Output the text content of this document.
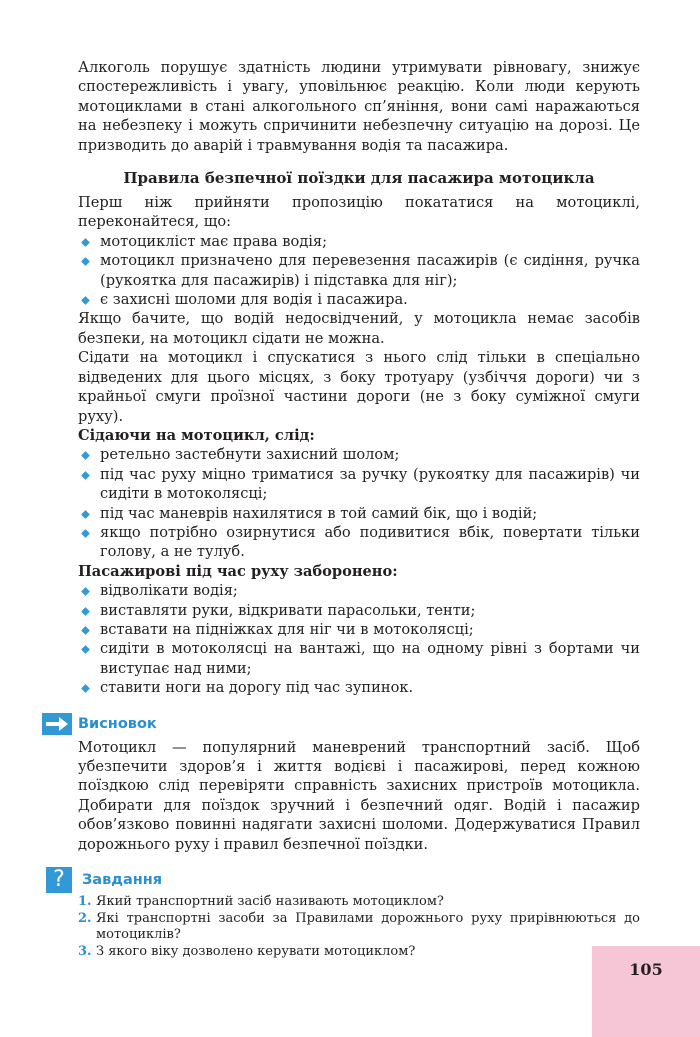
Алкоголь порушує здатність людини утримувати рівновагу, знижує спостережливість і увагу, уповільнює реакцію. Коли люди керують мотоциклами в стані алкогольного сп’яніння, вони самі наражаються на небезпеку і можуть спричинити небезпечну ситуацію на дорозі. Це призводить до аварій і травмування водія та пасажира.

Правила безпечної поїздки для пасажира мотоцикла

Перш ніж прийняти пропозицію покататися на мотоциклі, переконайтеся, що:

мотоцикліст має права водія;
мотоцикл призначено для перевезення пасажирів (є сидіння, ручка (рукоятка для пасажирів) і підставка для ніг);
є захисні шоломи для водія і пасажира.

Якщо бачите, що водій недосвідчений, у мотоцикла немає засобів безпеки, на мотоцикл сідати не можна.

Сідати на мотоцикл і спускатися з нього слід тільки в спеціально відведених для цього місцях, з боку тротуару (узбіччя дороги) чи з крайньої смуги проїзної частини дороги (не з боку суміжної смуги руху).

Сідаючи на мотоцикл, слід:

ретельно застебнути захисний шолом;
під час руху міцно триматися за ручку (рукоятку для пасажирів) чи сидіти в мотоколясці;
під час маневрів нахилятися в той самий бік, що і водій;
якщо потрібно озирнутися або подивитися вбік, повертати тільки голову, а не тулуб.

Пасажирові під час руху заборонено:

відволікати водія;
виставляти руки, відкривати парасольки, тенти;
вставати на підніжках для ніг чи в мотоколясці;
сидіти в мотоколясці на вантажі, що на одному рівні з бортами чи виступає над ними;
ставити ноги на дорогу під час зупинок.
Висновок

Мотоцикл — популярний маневрений транспортний засіб. Щоб убезпечити здоров’я і життя водієві і пасажирові, перед кожною поїздкою слід перевіряти справність захисних пристроїв мотоцикла. Добирати для поїздок зручний і безпечний одяг. Водій і пасажир обов’язково повинні надягати захисні шоломи. Додержуватися Правил дорожнього руху і правил безпечної поїздки.

?	Завдання
1. Який транспортний засіб називають мотоциклом?
2. Які транспортні засоби за Правилами дорожнього руху прирівнюються до мотоциклів?
3. З якого віку дозволено керувати мотоциклом?
105
